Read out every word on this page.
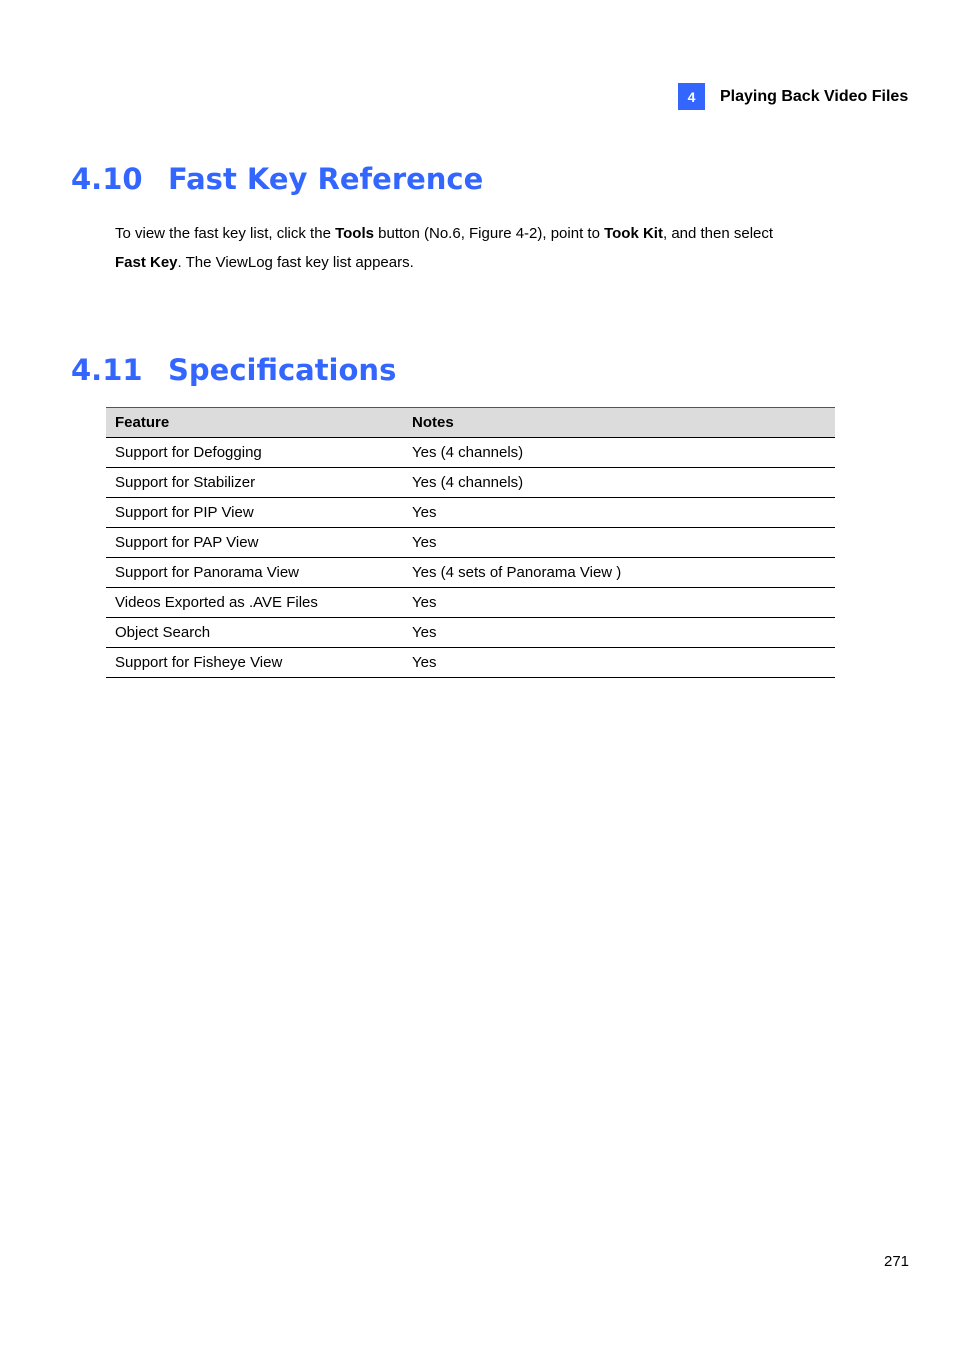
4	Playing Back Video Files
4.10 Fast Key Reference

To view the fast key list, click the Tools button (No.6, Figure 4-2), point to Took Kit, and then select
Fast Key. The ViewLog fast key list appears.

4.11 Specifications
Feature	Notes
Support for Defogging	Yes (4 channels)
Support for Stabilizer	Yes (4 channels)
Support for PIP View	Yes
Support for PAP View	Yes
Support for Panorama View	Yes (4 sets of Panorama View )
Videos Exported as .AVE Files	Yes
Object Search	Yes
Support for Fisheye View	Yes
271
